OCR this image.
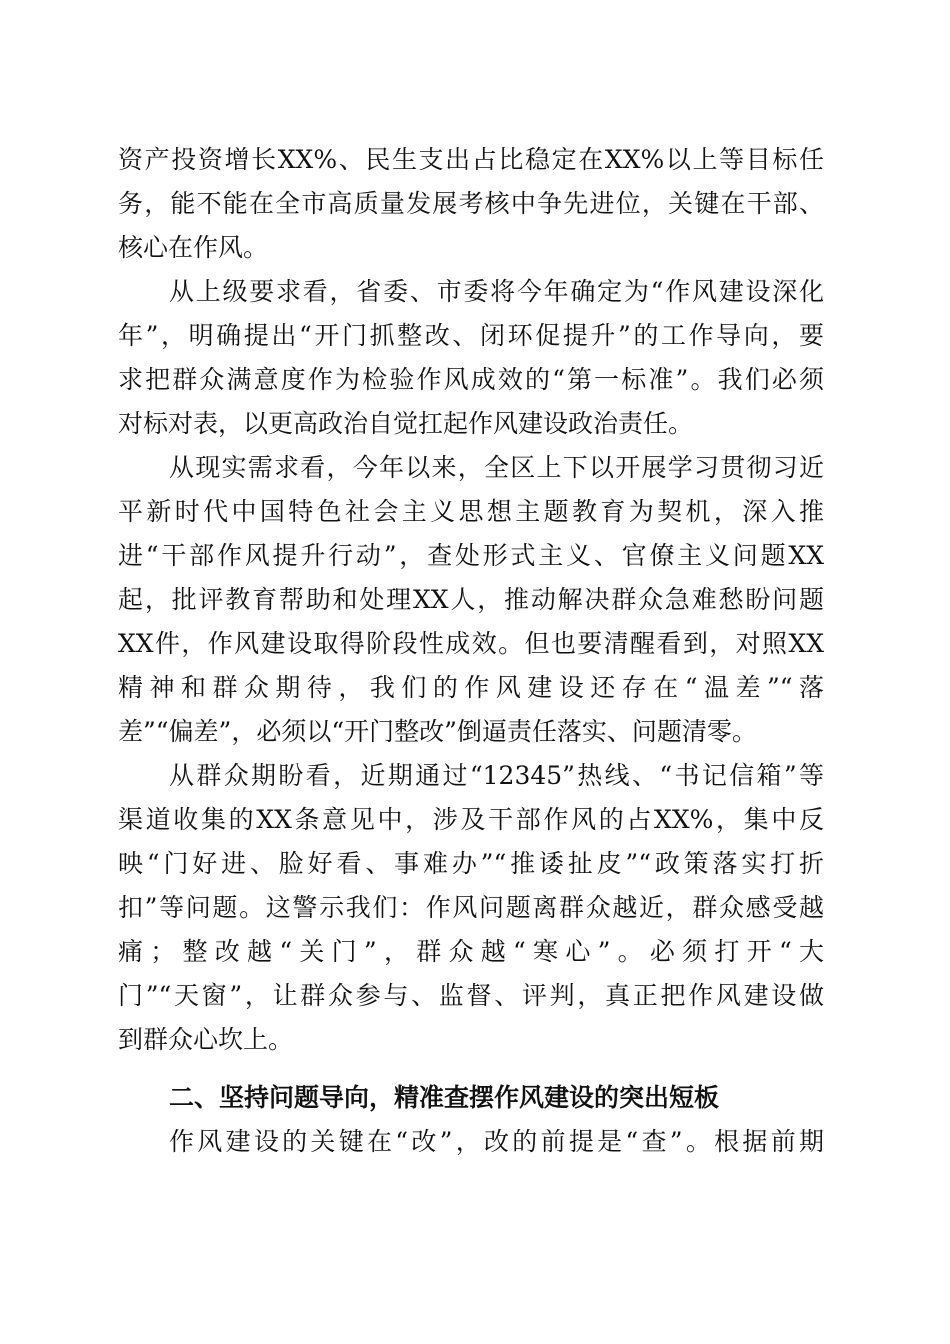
资产投资增长XX%、民生支出占比稳定在XX%以上等目标任
务，能不能在全市高质量发展考核中争先进位，关键在干部、
核心在作风。
从上级要求看，省委、市委将今年确定为“作风建设深化
年”，明确提出“开门抓整改、闭环促提升”的工作导向，要
求把群众满意度作为检验作风成效的“第一标准”。我们必须
对标对表，以更高政治自觉扛起作风建设政治责任。
从现实需求看，今年以来，全区上下以开展学习贯彻习近
平新时代中国特色社会主义思想主题教育为契机，深入推
进“干部作风提升行动”，查处形式主义、官僚主义问题XX
起，批评教育帮助和处理XX人，推动解决群众急难愁盼问题
XX件，作风建设取得阶段性成效。但也要清醒看到，对照XX
精神和群众期待，我们的作风建设还存在“温差”“落
差”“偏差”，必须以“开门整改”倒逼责任落实、问题清零。
从群众期盼看，近期通过“12345”热线、“书记信箱”等
渠道收集的XX条意见中，涉及干部作风的占XX%，集中反
映“门好进、脸好看、事难办”“推诿扯皮”“政策落实打折
扣”等问题。这警示我们：作风问题离群众越近，群众感受越
痛；整改越“关门”，群众越“寒心”。必须打开“大
门”“天窗”，让群众参与、监督、评判，真正把作风建设做
到群众心坎上。
二、坚持问题导向，精准查摆作风建设的突出短板
作风建设的关键在“改”，改的前提是“查”。根据前期
